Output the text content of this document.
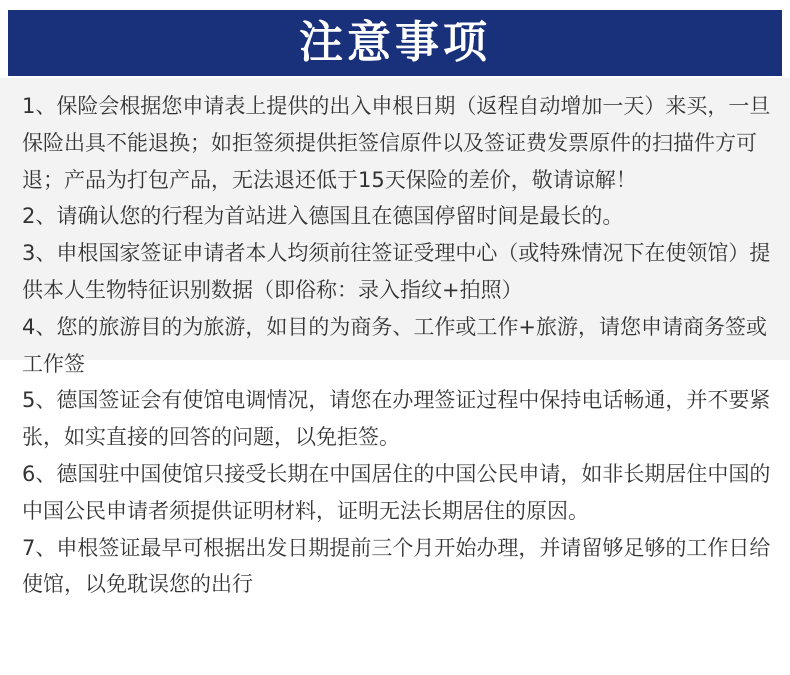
注意事项
1、保险会根据您申请表上提供的出入申根日期（返程自动增加一天）来买，一旦保险出具不能退换；如拒签须提供拒签信原件以及签证费发票原件的扫描件方可退；产品为打包产品，无法退还低于15天保险的差价，敬请谅解！
2、请确认您的行程为首站进入德国且在德国停留时间是最长的。
3、申根国家签证申请者本人均须前往签证受理中心（或特殊情况下在使领馆）提供本人生物特征识别数据（即俗称：录入指纹+拍照）
4、您的旅游目的为旅游，如目的为商务、工作或工作+旅游，请您申请商务签或工作签
5、德国签证会有使馆电调情况，请您在办理签证过程中保持电话畅通，并不要紧张，如实直接的回答的问题，以免拒签。
6、德国驻中国使馆只接受长期在中国居住的中国公民申请，如非长期居住中国的中国公民申请者须提供证明材料，证明无法长期居住的原因。
7、申根签证最早可根据出发日期提前三个月开始办理，并请留够足够的工作日给使馆，以免耽误您的出行
